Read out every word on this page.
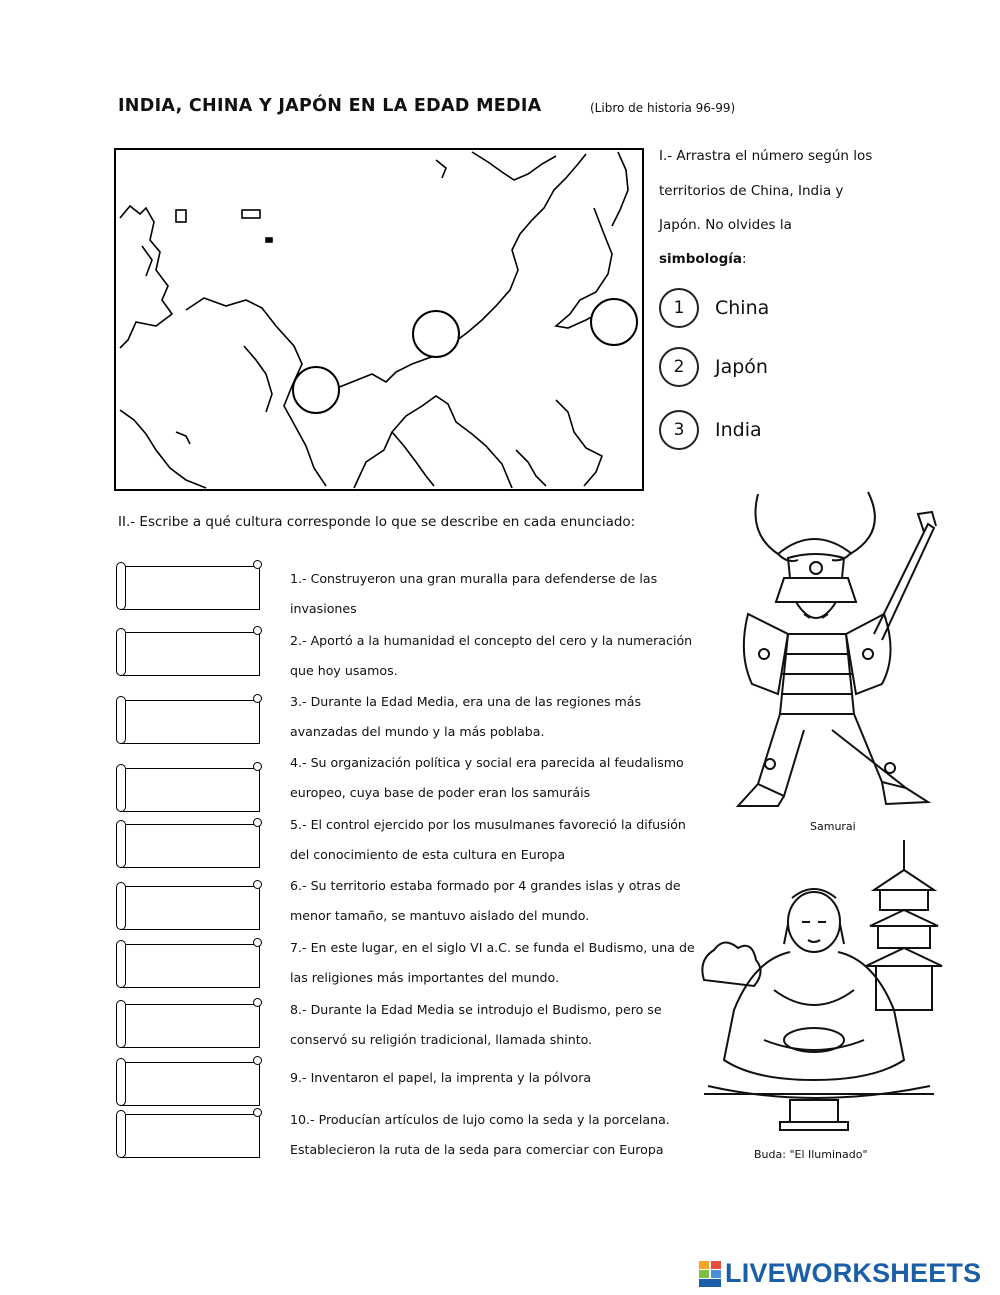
INDIA, CHINA Y JAPÓN EN LA EDAD MEDIA	(Libro de historia 96-99)
I.- Arrastra el número según los
territorios de China, India y
Japón. No olvides la
simbología:
1	China
2	Japón
3	India
II.- Escribe a qué cultura corresponde lo que se describe en cada enunciado:
1.- Construyeron una gran muralla para defenderse de las invasiones
2.- Aportó a la humanidad el concepto del cero y la numeración que hoy usamos.
3.- Durante la Edad Media, era una de las regiones más avanzadas del mundo y la más poblaba.
4.- Su organización política y social era parecida al feudalismo europeo, cuya base de poder eran los samuráis
5.- El control ejercido por los musulmanes favoreció la difusión del conocimiento de esta cultura en Europa
6.- Su territorio estaba formado por 4 grandes islas y otras de menor tamaño, se mantuvo aislado del mundo.
7.- En este lugar, en el siglo VI a.C. se funda el Budismo, una de las religiones más importantes del mundo.
8.- Durante la Edad Media se introdujo el Budismo, pero se conservó su religión tradicional, llamada shinto.
9.- Inventaron el papel, la imprenta y la pólvora
10.- Producían artículos de lujo como la seda y la porcelana. Establecieron la ruta de la seda para comerciar con Europa
Samurai
Buda: "El Iluminado"
LIVEWORKSHEETS
